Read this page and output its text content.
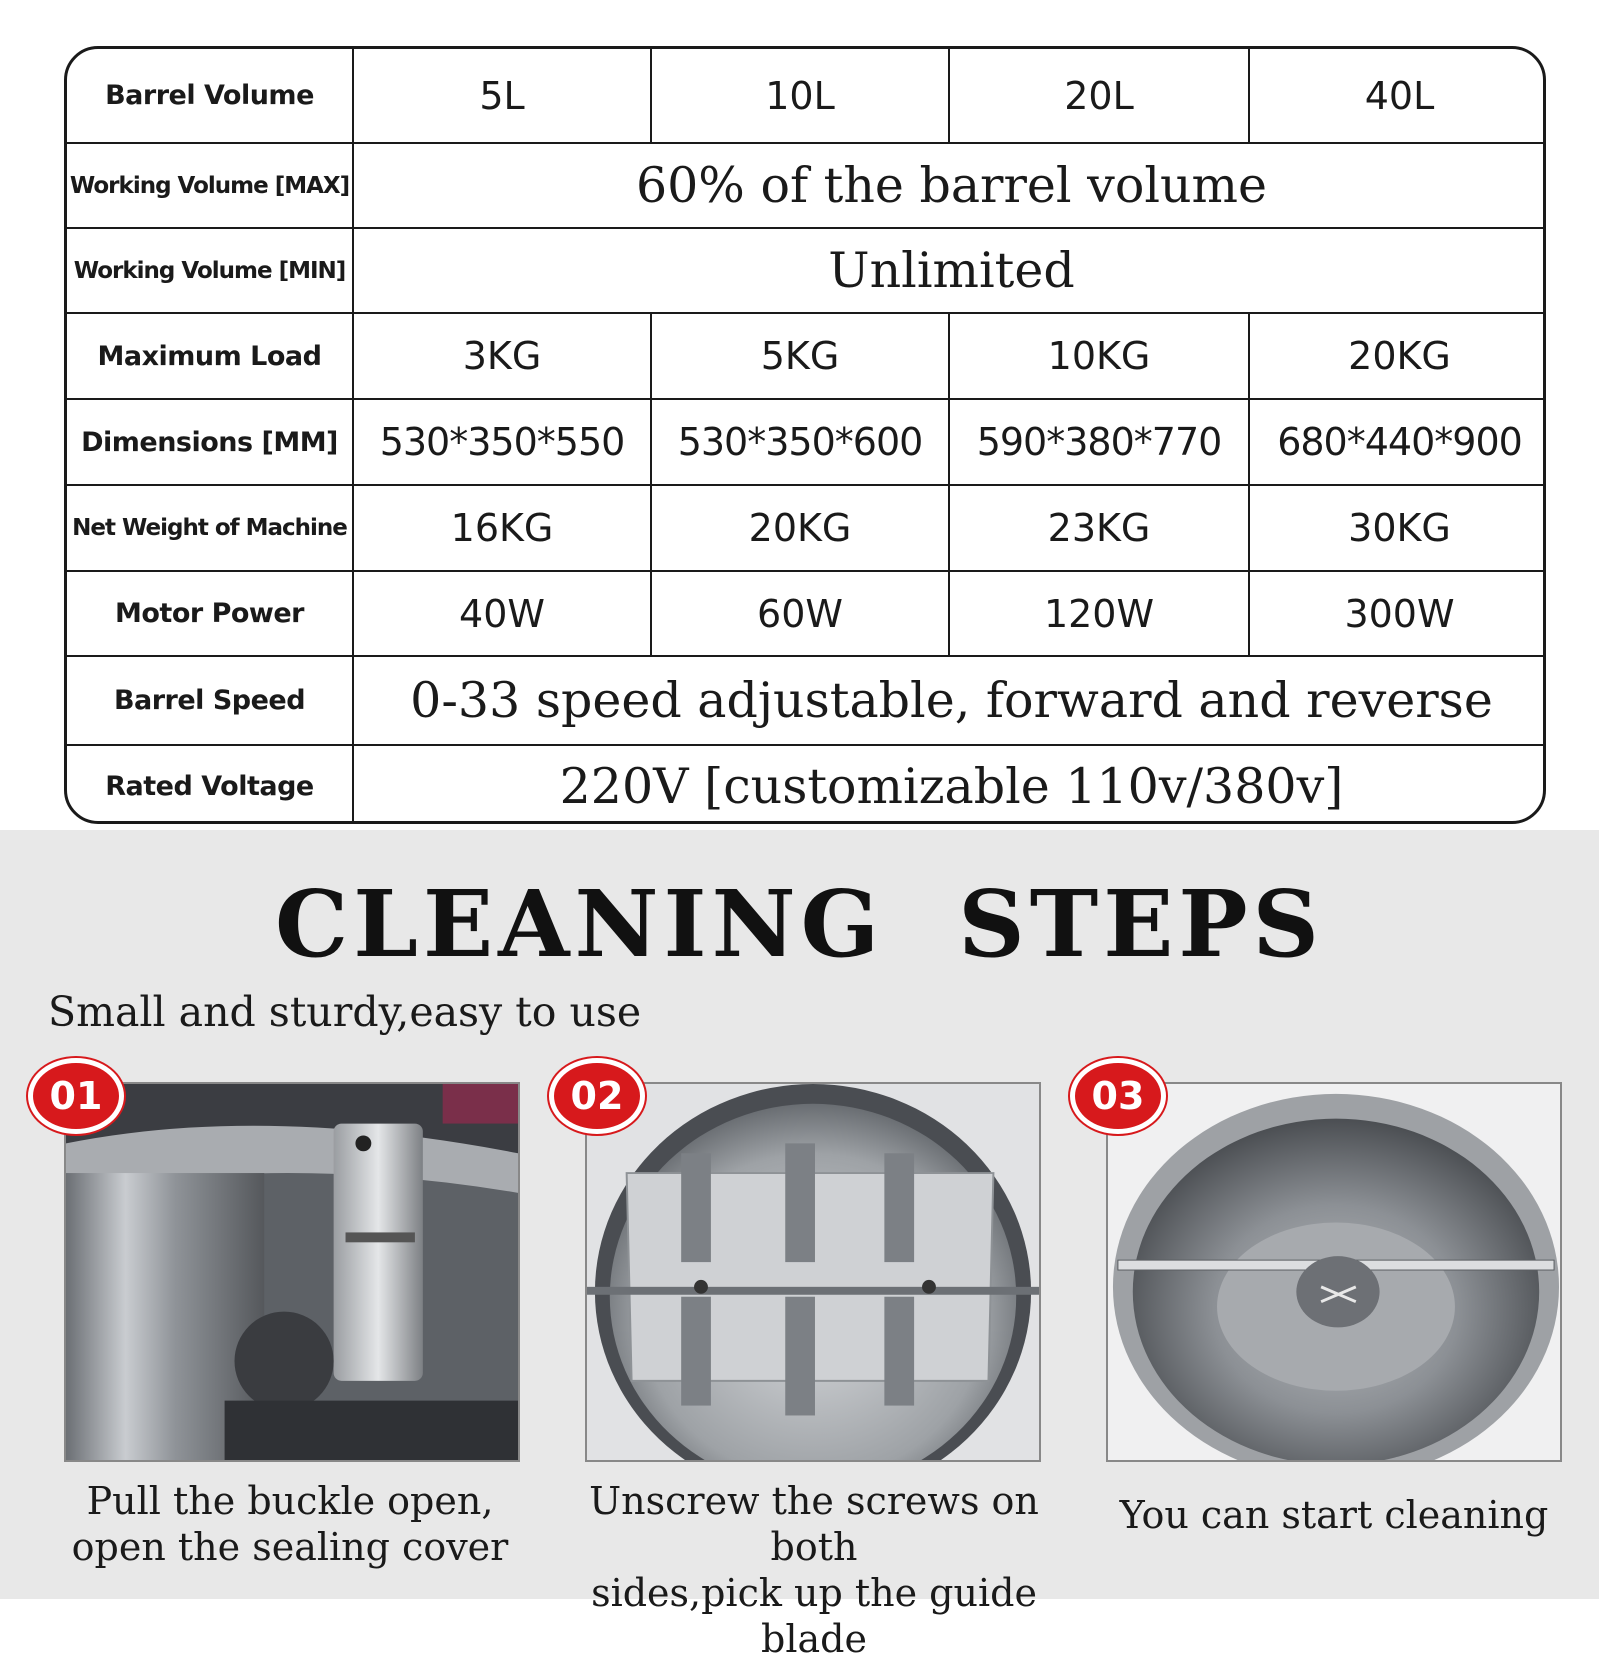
Barrel Volume	5L	10L	20L	40L
Working Volume [MAX]	60% of the barrel volume			
Working Volume [MIN]	Unlimited			
Maximum Load	3KG	5KG	10KG	20KG
Dimensions [MM]	530*350*550	530*350*600	590*380*770	680*440*900
Net Weight of Machine	16KG	20KG	23KG	30KG
Motor Power	40W	60W	120W	300W
Barrel Speed	0-33 speed adjustable, forward and reverse			
Rated Voltage	220V [customizable 110v/380v]			
CLEANING  STEPS
Small and sturdy,easy to use
01
Pull the buckle open,
open the sealing cover
02
Unscrew the screws on both
sides,pick up the guide blade
03
You can start cleaning
